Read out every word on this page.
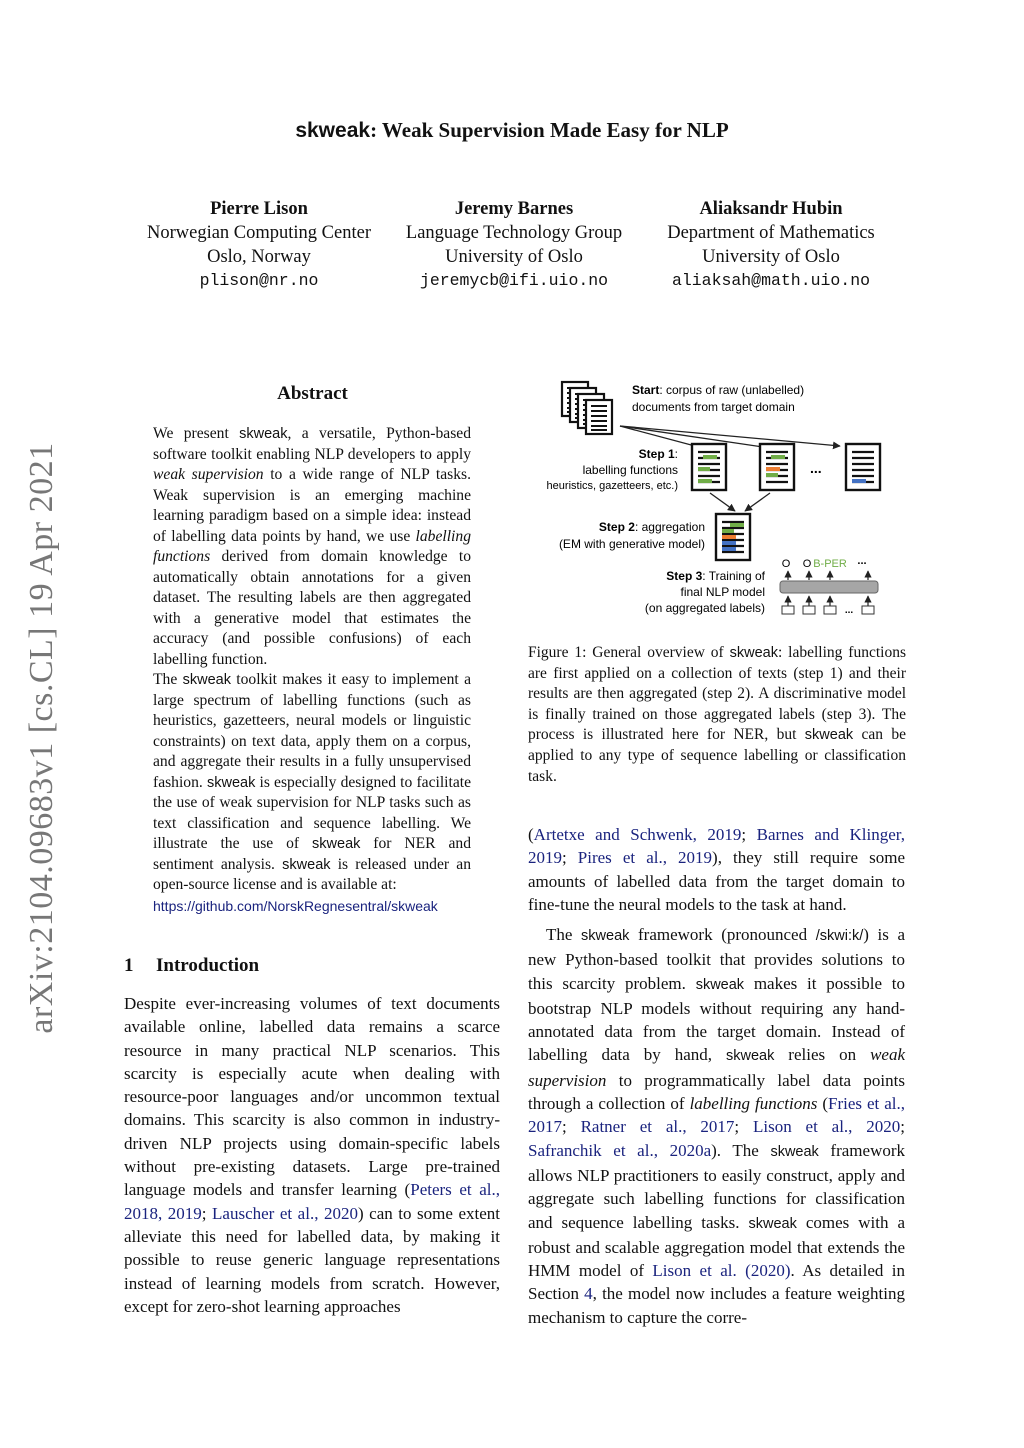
skweak: Weak Supervision Made Easy for NLP
Pierre Lison
Norwegian Computing Center
Oslo, Norway
plison@nr.no
Jeremy Barnes
Language Technology Group
University of Oslo
jeremycb@ifi.uio.no
Aliaksandr Hubin
Department of Mathematics
University of Oslo
aliaksah@math.uio.no
arXiv:2104.09683v1 [cs.CL] 19 Apr 2021
Abstract

We present skweak, a versatile, Python-based software toolkit enabling NLP developers to apply weak supervision to a wide range of NLP tasks. Weak supervision is an emerging machine learning paradigm based on a simple idea: instead of labelling data points by hand, we use labelling functions derived from domain knowledge to automatically obtain annotations for a given dataset. The resulting labels are then aggregated with a generative model that estimates the accuracy (and possible confusions) of each labelling function.

The skweak toolkit makes it easy to implement a large spectrum of labelling functions (such as heuristics, gazetteers, neural models or linguistic constraints) on text data, apply them on a corpus, and aggregate their results in a fully unsupervised fashion. skweak is especially designed to facilitate the use of weak supervision for NLP tasks such as text classification and sequence labelling. We illustrate the use of skweak for NER and sentiment analysis. skweak is released under an open-source license and is available at:
https://github.com/NorskRegnesentral/skweak

1 Introduction

Despite ever-increasing volumes of text documents available online, labelled data remains a scarce resource in many practical NLP scenarios. This scarcity is especially acute when dealing with resource-poor languages and/or uncommon textual domains. This scarcity is also common in industry-driven NLP projects using domain-specific labels without pre-existing datasets. Large pre-trained language models and transfer learning (Peters et al., 2018, 2019; Lauscher et al., 2020) can to some extent alleviate this need for labelled data, by making it possible to reuse generic language representations instead of learning models from scratch. However, except for zero-shot learning approaches

Start: corpus of raw (unlabelled)
documents from target domain
Step 1:
labelling functions
heuristics, gazetteers, etc.)
...
Step 2: aggregation
(EM with generative model)
Step 3: Training of
final NLP model
(on aggregated labels)
O O B-PER ...
...

Figure 1: General overview of skweak: labelling functions are first applied on a collection of texts (step 1) and their results are then aggregated (step 2). A discriminative model is finally trained on those aggregated labels (step 3). The process is illustrated here for NER, but skweak can be applied to any type of sequence labelling or classification task.

(Artetxe and Schwenk, 2019; Barnes and Klinger, 2019; Pires et al., 2019), they still require some amounts of labelled data from the target domain to fine-tune the neural models to the task at hand.

The skweak framework (pronounced /skwi:k/) is a new Python-based toolkit that provides solutions to this scarcity problem. skweak makes it possible to bootstrap NLP models without requiring any hand-annotated data from the target domain. Instead of labelling data by hand, skweak relies on weak supervision to programmatically label data points through a collection of labelling functions (Fries et al., 2017; Ratner et al., 2017; Lison et al., 2020; Safranchik et al., 2020a). The skweak framework allows NLP practitioners to easily construct, apply and aggregate such labelling functions for classification and sequence labelling tasks. skweak comes with a robust and scalable aggregation model that extends the HMM model of Lison et al. (2020). As detailed in Section 4, the model now includes a feature weighting mechanism to capture the corre-
